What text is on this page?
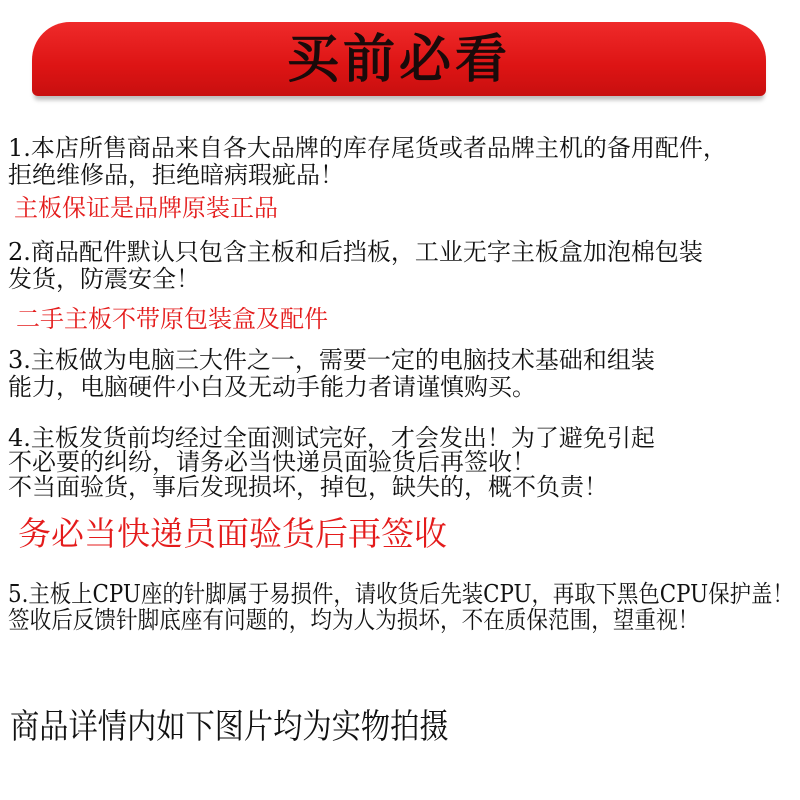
买前必看
1.本店所售商品来自各大品牌的库存尾货或者品牌主机的备用配件，
拒绝维修品，拒绝暗病瑕疵品！
主板保证是品牌原装正品
2.商品配件默认只包含主板和后挡板，工业无字主板盒加泡棉包装
发货，防震安全！
二手主板不带原包装盒及配件
3.主板做为电脑三大件之一，需要一定的电脑技术基础和组装
能力，电脑硬件小白及无动手能力者请谨慎购买。
4.主板发货前均经过全面测试完好，才会发出！为了避免引起
不必要的纠纷，请务必当快递员面验货后再签收！
不当面验货，事后发现损坏，掉包，缺失的，概不负责！
务必当快递员面验货后再签收
5.主板上CPU座的针脚属于易损件，请收货后先装CPU，再取下黑色CPU保护盖！
签收后反馈针脚底座有问题的，均为人为损坏，不在质保范围，望重视！
商品详情内如下图片均为实物拍摄
